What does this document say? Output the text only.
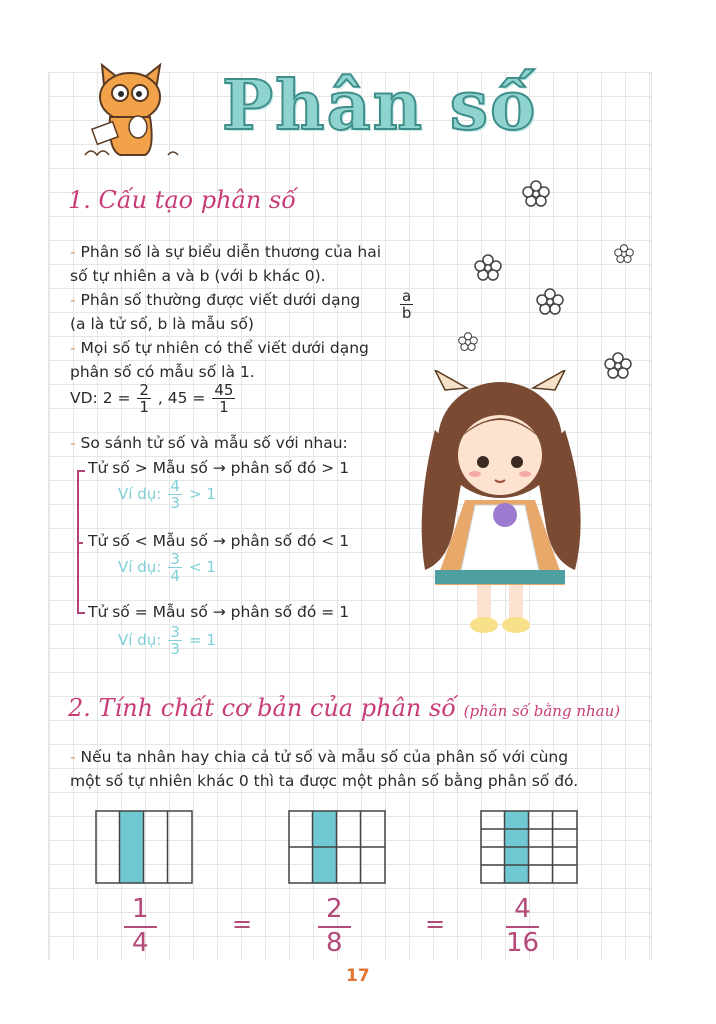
Phân số
1. Cấu tạo phân số
- Phân số là sự biểu diễn thương của hai
số tự nhiên a và b (với b khác 0).
- Phân số thường được viết dưới dạng	$\frac{a}{b}$
(a là tử số, b là mẫu số)
- Mọi số tự nhiên có thể viết dưới dạng
phân số có mẫu số là 1.
VD: $2 = \frac{2}{1}$ , $45 = \frac{45}{1}$
- So sánh tử số và mẫu số với nhau:
Tử số > Mẫu số → phân số đó > 1
Ví dụ: $\frac{4}{3} > 1$
Tử số < Mẫu số → phân số đó < 1
Ví dụ: $\frac{3}{4} < 1$
Tử số = Mẫu số → phân số đó = 1
Ví dụ: $\frac{3}{3} = 1$
2. Tính chất cơ bản của phân số (phân số bằng nhau)
- Nếu ta nhân hay chia cả tử số và mẫu số của phân số với cùng
một số tự nhiên khác 0 thì ta được một phân số bằng phân số đó.
$\frac{1}{4}$	=	$\frac{2}{8}$	= $\frac{4}{16}$
17
